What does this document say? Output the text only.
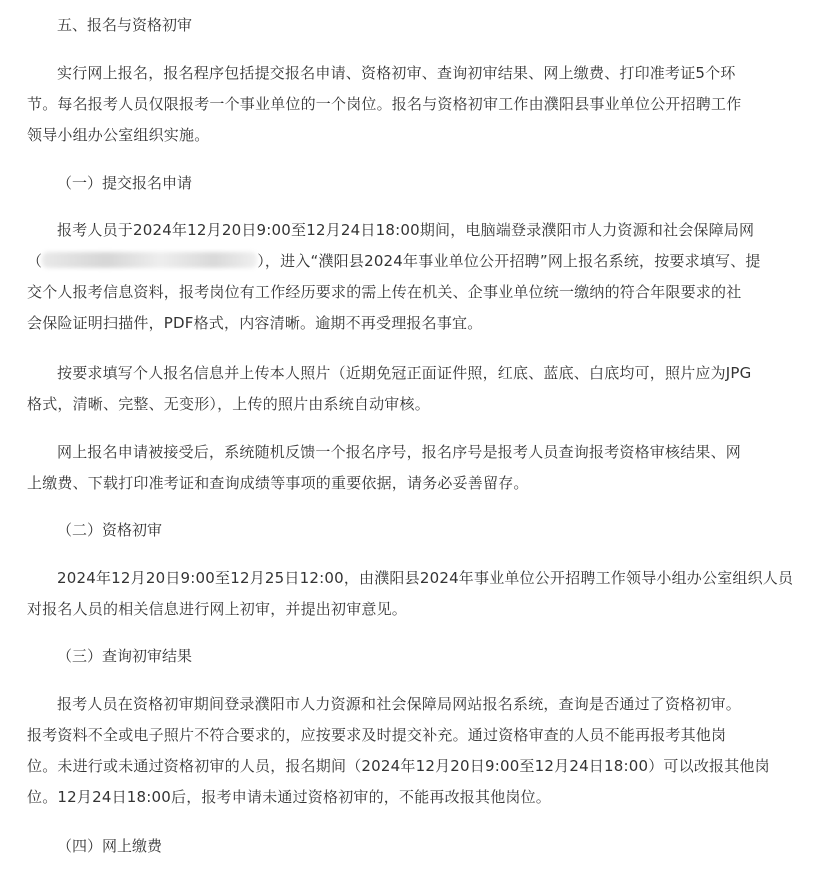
五、报名与资格初审

实行网上报名，报名程序包括提交报名申请、资格初审、查询初审结果、网上缴费、打印准考证5个环
节。每名报考人员仅限报考一个事业单位的一个岗位。报名与资格初审工作由濮阳县事业单位公开招聘工作
领导小组办公室组织实施。

（一）提交报名申请

报考人员于2024年12月20日9:00至12月24日18:00期间，电脑端登录濮阳市人力资源和社会保障局网
（	），进入“濮阳县2024年事业单位公开招聘”网上报名系统，按要求填写、提
交个人报考信息资料，报考岗位有工作经历要求的需上传在机关、企事业单位统一缴纳的符合年限要求的社
会保险证明扫描件，PDF格式，内容清晰。逾期不再受理报名事宜。
按要求填写个人报名信息并上传本人照片（近期免冠正面证件照，红底、蓝底、白底均可，照片应为JPG
格式，清晰、完整、无变形），上传的照片由系统自动审核。
网上报名申请被接受后，系统随机反馈一个报名序号，报名序号是报考人员查询报考资格审核结果、网
上缴费、下载打印准考证和查询成绩等事项的重要依据，请务必妥善留存。

（二）资格初审

2024年12月20日9:00至12月25日12:00，由濮阳县2024年事业单位公开招聘工作领导小组办公室组织人员
对报名人员的相关信息进行网上初审，并提出初审意见。

（三）查询初审结果

报考人员在资格初审期间登录濮阳市人力资源和社会保障局网站报名系统，查询是否通过了资格初审。
报考资料不全或电子照片不符合要求的，应按要求及时提交补充。通过资格审查的人员不能再报考其他岗
位。未进行或未通过资格初审的人员，报名期间（2024年12月20日9:00至12月24日18:00）可以改报其他岗
位。12月24日18:00后，报考申请未通过资格初审的，不能再改报其他岗位。

（四）网上缴费
